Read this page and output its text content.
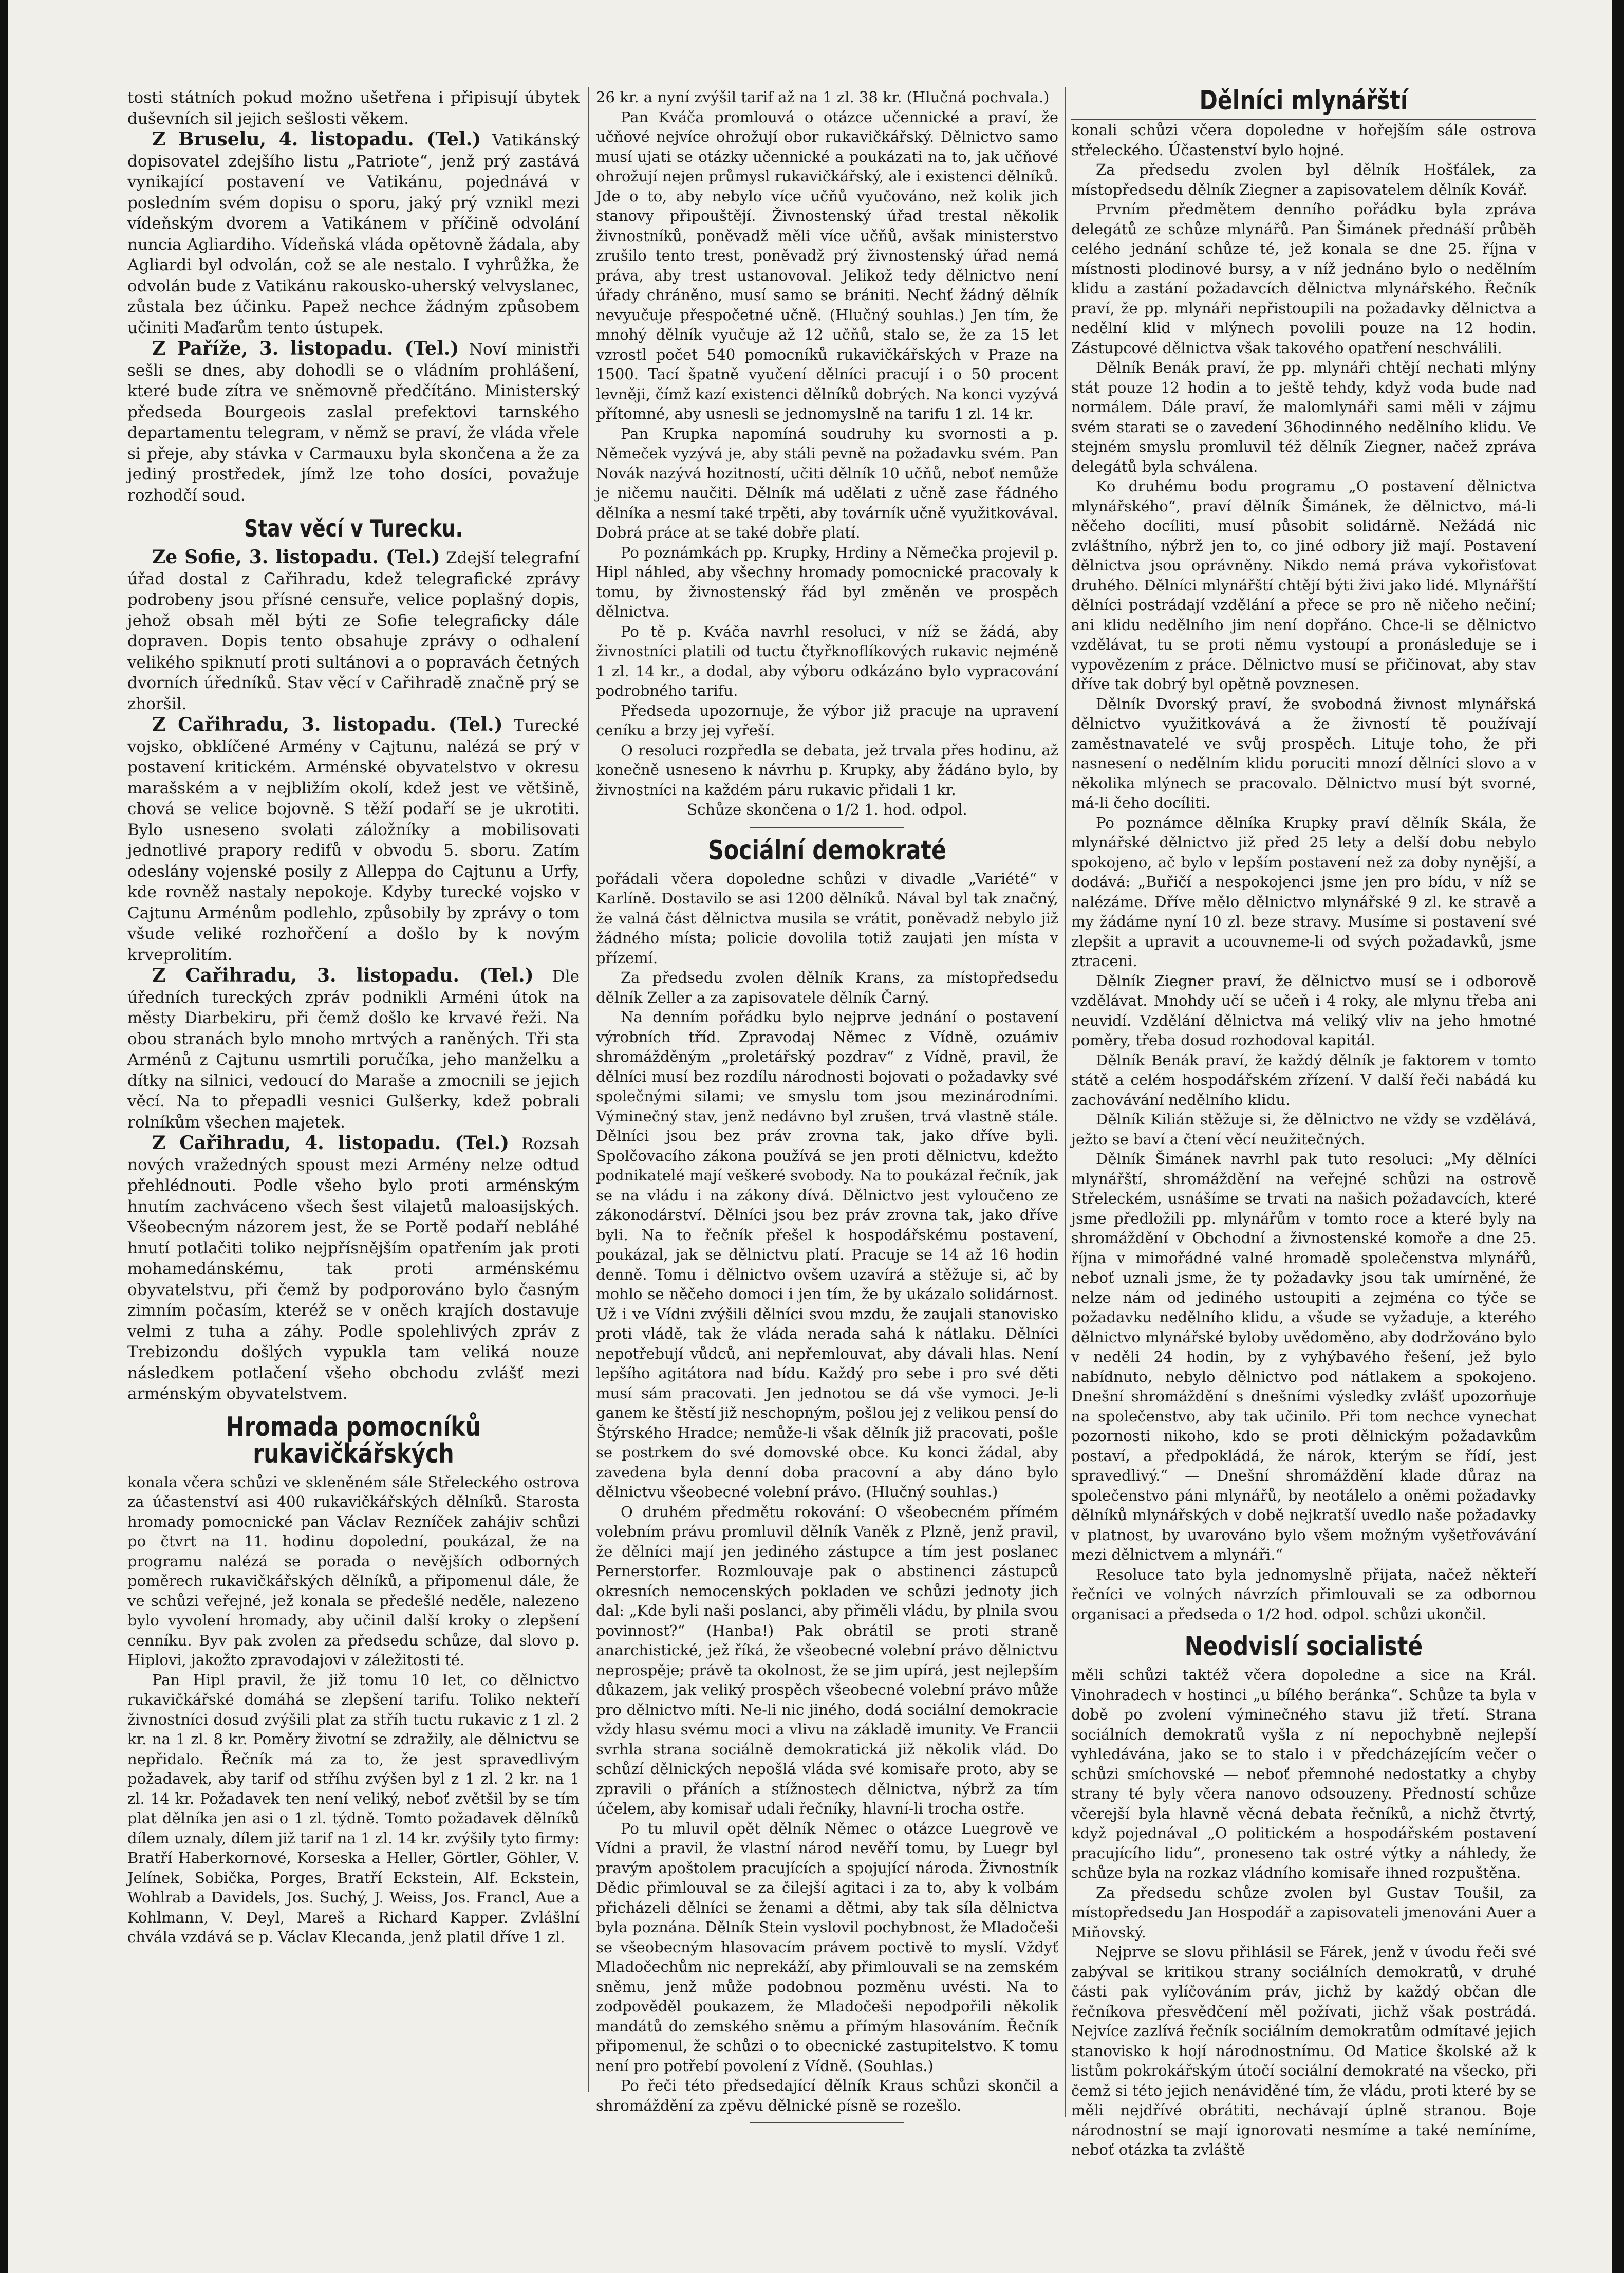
tosti státních pokud možno ušetřena i připisují úbytek duševních sil jejich sešlosti věkem.

Z Bruselu, 4. listopadu. (Tel.) Vatikánský dopisovatel zdejšího listu „Patriote“, jenž prý zastává vynikající postavení ve Vatikánu, pojednává v posledním svém dopisu o sporu, jaký prý vznikl mezi vídeňským dvorem a Vatikánem v příčině odvolání nuncia Agliardiho. Vídeňská vláda opětovně žádala, aby Agliardi byl odvolán, což se ale nestalo. I vyhrůžka, že odvolán bude z Vatikánu rakousko-uherský velvyslanec, zůstala bez účinku. Papež nechce žádným způsobem učiniti Maďarům tento ústupek.

Z Paříže, 3. listopadu. (Tel.) Noví ministři sešli se dnes, aby dohodli se o vládním prohlášení, které bude zítra ve sněmovně předčítáno. Ministerský předseda Bourgeois zaslal prefektovi tarnského departamentu telegram, v němž se praví, že vláda vřele si přeje, aby stávka v Carmauxu byla skončena a že za jediný prostředek, jímž lze toho dosíci, považuje rozhodčí soud.

Stav věcí v Turecku.

Ze Sofie, 3. listopadu. (Tel.) Zdejší telegrafní úřad dostal z Cařihradu, kdež telegrafické zprávy podrobeny jsou přísné censuře, velice poplašný dopis, jehož obsah měl býti ze Sofie telegraficky dále dopraven. Dopis tento obsahuje zprávy o odhalení velikého spiknutí proti sultánovi a o popravách četných dvorních úředníků. Stav věcí v Cařihradě značně prý se zhoršil.

Z Cařihradu, 3. listopadu. (Tel.) Turecké vojsko, obklíčené Armény v Cajtunu, nalézá se prý v postavení kritickém. Arménské obyvatelstvo v okresu marašském a v nejbližím okolí, kdež jest ve většině, chová se velice bojovně. S těží podaří se je ukrotiti. Bylo usneseno svolati záložníky a mobilisovati jednotlivé prapory redifů v obvodu 5. sboru. Zatím odeslány vojenské posily z Alleppa do Cajtunu a Urfy, kde rovněž nastaly nepokoje. Kdyby turecké vojsko v Cajtunu Arménům podlehlo, způsobily by zprávy o tom všude veliké rozhořčení a došlo by k novým krveprolitím.

Z Cařihradu, 3. listopadu. (Tel.) Dle úředních tureckých zpráv podnikli Arméni útok na městy Diarbekiru, při čemž došlo ke krvavé řeži. Na obou stranách bylo mnoho mrtvých a raněných. Tři sta Arménů z Cajtunu usmrtili poručíka, jeho manželku a dítky na silnici, vedoucí do Maraše a zmocnili se jejich věcí. Na to přepadli vesnici Gulšerky, kdež pobrali rolníkům všechen majetek.

Z Cařihradu, 4. listopadu. (Tel.) Rozsah nových vražedných spoust mezi Armény nelze odtud přehlédnouti. Podle všeho bylo proti arménským hnutím zachváceno všech šest vilajetů maloasijských. Všeobecným názorem jest, že se Portě podaří nebláhé hnutí potlačiti toliko nejpřísnějším opatřením jak proti mohamedánskému, tak proti arménskému obyvatelstvu, při čemž by podporováno bylo časným zimním počasím, kteréž se v oněch krajích dostavuje velmi z tuha a záhy. Podle spolehlivých zpráv z Trebizondu došlých vypukla tam veliká nouze následkem potlačení všeho obchodu zvlášť mezi arménským obyvatelstvem.

Hromada pomocníků rukavičkářských

konala včera schůzi ve skleněném sále Střeleckého ostrova za účastenství asi 400 rukavičkářských dělníků. Starosta hromady pomocnické pan Václav Rezníček zahájiv schůzi po čtvrt na 11. hodinu dopolední, poukázal, že na programu nalézá se porada o nevějších odborných poměrech rukavičkářských dělníků, a připomenul dále, že ve schůzi veřejné, jež konala se předešlé neděle, nalezeno bylo vyvolení hromady, aby učinil další kroky o zlepšení cenníku. Byv pak zvolen za předsedu schůze, dal slovo p. Hiplovi, jakožto zpravodajovi v záležitosti té.

Pan Hipl pravil, že již tomu 10 let, co dělnictvo rukavičkářské domáhá se zlepšení tarifu. Toliko nekteří živnostníci dosud zvýšili plat za stříh tuctu rukavic z 1 zl. 2 kr. na 1 zl. 8 kr. Poměry životní se zdražily, ale dělnictvu se nepřidalo. Řečník má za to, že jest spravedlivým požadavek, aby tarif od stříhu zvýšen byl z 1 zl. 2 kr. na 1 zl. 14 kr. Požadavek ten není veliký, neboť zvětšil by se tím plat dělníka jen asi o 1 zl. týdně. Tomto požadavek dělníků dílem uznaly, dílem již tarif na 1 zl. 14 kr. zvýšily tyto firmy: Bratří Haberkornové, Korseska a Heller, Görtler, Göhler, V. Jelínek, Sobička, Porges, Bratří Eckstein, Alf. Eckstein, Wohlrab a Davidels, Jos. Suchý, J. Weiss, Jos. Francl, Aue a Kohlmann, V. Deyl, Mareš a Richard Kapper. Zvlášlní chvála vzdává se p. Václav Klecanda, jenž platil dříve 1 zl.

26 kr. a nyní zvýšil tarif až na 1 zl. 38 kr. (Hlučná pochvala.)

Pan Kváča promlouvá o otázce učennické a praví, že učňové nejvíce ohrožují obor rukavičkářský. Dělnictvo samo musí ujati se otázky učennické a poukázati na to, jak učňové ohrožují nejen průmysl rukavičkářský, ale i existenci dělníků. Jde o to, aby nebylo více učňů vyučováno, než kolik jich stanovy připouštějí. Živnostenský úřad trestal několik živnostníků, poněvadž měli více učňů, avšak ministerstvo zrušilo tento trest, poněvadž prý živnostenský úřad nemá práva, aby trest ustanovoval. Jelikož tedy dělnictvo není úřady chráněno, musí samo se brániti. Nechť žádný dělník nevyučuje přespočetné učně. (Hlučný souhlas.) Jen tím, že mnohý dělník vyučuje až 12 učňů, stalo se, že za 15 let vzrostl počet 540 pomocníků rukavičkářských v Praze na 1500. Tací špatně vyučení dělníci pracují i o 50 procent levněji, čímž kazí existenci dělníků dobrých. Na konci vyzývá přítomné, aby usnesli se jednomyslně na tarifu 1 zl. 14 kr.

Pan Krupka napomíná soudruhy ku svornosti a p. Němeček vyzývá je, aby stáli pevně na požadavku svém. Pan Novák nazývá hozitností, učiti dělník 10 učňů, neboť nemůže je ničemu naučiti. Dělník má udělati z učně zase řádného dělníka a nesmí také trpěti, aby továrník učně využitkovával. Dobrá práce at se také dobře platí.

Po poznámkách pp. Krupky, Hrdiny a Němečka projevil p. Hipl náhled, aby všechny hromady pomocnické pracovaly k tomu, by živnostenský řád byl změněn ve prospěch dělnictva.

Po tě p. Kváča navrhl resoluci, v níž se žádá, aby živnostníci platili od tuctu čtyřknoflíkových rukavic nejméně 1 zl. 14 kr., a dodal, aby výboru odkázáno bylo vypracování podrobného tarifu.

Předseda upozornuje, že výbor již pracuje na upravení ceníku a brzy jej vyřeší.

O resoluci rozpředla se debata, jež trvala přes hodinu, až konečně usneseno k návrhu p. Krupky, aby žádáno bylo, by živnostníci na každém páru rukavic přidali 1 kr.

Schůze skončena o 1/2 1. hod. odpol.

Sociální demokraté

pořádali včera dopoledne schůzi v divadle „Variété“ v Karlíně. Dostavilo se asi 1200 dělníků. Nával byl tak značný, že valná část dělnictva musila se vrátit, poněvadž nebylo již žádného místa; policie dovolila totiž zaujati jen místa v přízemí.

Za předsedu zvolen dělník Krans, za místopředsedu dělník Zeller a za zapisovatele dělník Čarný.

Na denním pořádku bylo nejprve jednání o postavení výrobních tříd. Zpravodaj Němec z Vídně, ozuámiv shromážděným „proletářský pozdrav“ z Vídně, pravil, že dělníci musí bez rozdílu národnosti bojovati o požadavky své společnými silami; ve smyslu tom jsou mezinárodními. Výminečný stav, jenž nedávno byl zrušen, trvá vlastně stále. Dělníci jsou bez práv zrovna tak, jako dříve byli. Spolčovacího zákona používá se jen proti dělnictvu, kdežto podnikatelé mají veškeré svobody. Na to poukázal řečník, jak se na vládu i na zákony dívá. Dělnictvo jest vyloučeno ze zákonodárství. Dělníci jsou bez práv zrovna tak, jako dříve byli. Na to řečník přešel k hospodářskému postavení, poukázal, jak se dělnictvu platí. Pracuje se 14 až 16 hodin denně. Tomu i dělnictvo ovšem uzavírá a stěžuje si, ač by mohlo se něčeho domoci i jen tím, že by ukázalo solidárnost. Už i ve Vídni zvýšili dělníci svou mzdu, že zaujali stanovisko proti vládě, tak že vláda nerada sahá k nátlaku. Dělníci nepotřebují vůdců, ani nepřemlouvat, aby dávali hlas. Není lepšího agitátora nad bídu. Každý pro sebe i pro své děti musí sám pracovati. Jen jednotou se dá vše vymoci. Je-li ganem ke štěstí již neschopným, pošlou jej z velikou pensí do Štýrského Hradce; nemůže-li však dělník již pracovati, pošle se postrkem do své domovské obce. Ku konci žádal, aby zavedena byla denní doba pracovní a aby dáno bylo dělnictvu všeobecné volební právo. (Hlučný souhlas.)

O druhém předmětu rokování: O všeobecném přímém volebním právu promluvil dělník Vaněk z Plzně, jenž pravil, že dělníci mají jen jediného zástupce a tím jest poslanec Pernerstorfer. Rozmlouvaje pak o abstinenci zástupců okresních nemocenských pokladen ve schůzi jednoty jich dal: „Kde byli naši poslanci, aby přiměli vládu, by plnila svou povinnost?“ (Hanba!) Pak obrátil se proti straně anarchistické, jež říká, že všeobecné volební právo dělnictvu neprospěje; právě ta okolnost, že se jim upírá, jest nejlepším důkazem, jak veliký prospěch všeobecné volební právo může pro dělnictvo míti. Ne-li nic jiného, dodá sociální demokracie vždy hlasu svému moci a vlivu na základě imunity. Ve Francii svrhla strana sociálně demokratická již několik vlád. Do schůzí dělnických nepošlá vláda své komisaře proto, aby se zpravili o přáních a stížnostech dělnictva, nýbrž za tím účelem, aby komisař udali řečníky, hlavní-li trocha ostře.

Po tu mluvil opět dělník Němec o otázce Luegrově ve Vídni a pravil, že vlastní národ nevěří tomu, by Luegr byl pravým apoštolem pracujících a spojující národa. Živnostník Dědic přimlouval se za čilejší agitaci i za to, aby k volbám přicházeli dělníci se ženami a dětmi, aby tak síla dělnictva byla poznána. Dělník Stein vyslovil pochybnost, že Mladočeši se všeobecným hlasovacím právem poctivě to myslí. Vždyť Mladočechům nic neprekáží, aby přimlouvali se na zemském sněmu, jenž může podobnou pozměnu uvésti. Na to zodpověděl poukazem, že Mladočeši nepodpořili několik mandátů do zemského sněmu a přímým hlasováním. Řečník připomenul, že schůzi o to obecnické zastupitelstvo. K tomu není pro potřebí povolení z Vídně. (Souhlas.)

Po řeči této předsedající dělník Kraus schůzi skončil a shromáždění za zpěvu dělnické písně se rozešlo.

Dělníci mlynářští

konali schůzi včera dopoledne v hořejším sále ostrova střeleckého. Účastenství bylo hojné.

Za předsedu zvolen byl dělník Hošťálek, za místopředsedu dělník Ziegner a zapisovatelem dělník Kovář.

Prvním předmětem denního pořádku byla zpráva delegátů ze schůze mlynářů. Pan Šimánek přednáší průběh celého jednání schůze té, jež konala se dne 25. října v místnosti plodinové bursy, a v níž jednáno bylo o nedělním klidu a zastání požadavcích dělnictva mlynářského. Řečník praví, že pp. mlynáři nepřistoupili na požadavky dělnictva a nedělní klid v mlýnech povolili pouze na 12 hodin. Zástupcové dělnictva však takového opatření neschválili.

Dělník Benák praví, že pp. mlynáři chtějí nechati mlýny stát pouze 12 hodin a to ještě tehdy, když voda bude nad normálem. Dále praví, že malomlynáři sami měli v zájmu svém starati se o zavedení 36hodinného nedělního klidu. Ve stejném smyslu promluvil též dělník Ziegner, načež zpráva delegátů byla schválena.

Ko druhému bodu programu „O postavení dělnictva mlynářského“, praví dělník Šimánek, že dělnictvo, má-li něčeho docíliti, musí působit solidárně. Nežádá nic zvláštního, nýbrž jen to, co jiné odbory již mají. Postavení dělnictva jsou oprávněny. Nikdo nemá práva vykořisťovat druhého. Dělníci mlynářští chtějí býti živi jako lidé. Mlynářští dělníci postrádají vzdělání a přece se pro ně ničeho nečiní; ani klidu nedělního jim není dopřáno. Chce-li se dělnictvo vzdělávat, tu se proti němu vystoupí a pronásleduje se i vypovězením z práce. Dělnictvo musí se přičinovat, aby stav dříve tak dobrý byl opětně povznesen.

Dělník Dvorský praví, že svobodná živnost mlynářská dělnictvo využitkovává a že živností tě používají zaměstnavatelé ve svůj prospěch. Lituje toho, že při nasnesení o nedělním klidu poruciti mnozí dělníci slovo a v několika mlýnech se pracovalo. Dělnictvo musí být svorné, má-li čeho docíliti.

Po poznámce dělníka Krupky praví dělník Skála, že mlynářské dělnictvo již před 25 lety a delší dobu nebylo spokojeno, ač bylo v lepším postavení než za doby nynější, a dodává: „Buřičí a nespokojenci jsme jen pro bídu, v níž se nalézáme. Dříve mělo dělnictvo mlynářské 9 zl. ke stravě a my žádáme nyní 10 zl. beze stravy. Musíme si postavení své zlepšit a upravit a ucouvneme-li od svých požadavků, jsme ztraceni.

Dělník Ziegner praví, že dělnictvo musí se i odborově vzdělávat. Mnohdy učí se učeň i 4 roky, ale mlynu třeba ani neuvidí. Vzdělání dělnictva má veliký vliv na jeho hmotné poměry, třeba dosud rozhodoval kapitál.

Dělník Benák praví, že každý dělník je faktorem v tomto státě a celém hospodářském zřízení. V další řeči nabádá ku zachovávání nedělního klidu.

Dělník Kilián stěžuje si, že dělnictvo ne vždy se vzdělává, ježto se baví a čtení věcí neužitečných.

Dělník Šimánek navrhl pak tuto resoluci: „My dělníci mlynářští, shromáždění na veřejné schůzi na ostrově Střeleckém, usnášíme se trvati na našich požadavcích, které jsme předložili pp. mlynářům v tomto roce a které byly na shromáždění v Obchodní a živnostenské komoře a dne 25. října v mimořádné valné hromadě společenstva mlynářů, neboť uznali jsme, že ty požadavky jsou tak umírněné, že nelze nám od jediného ustoupiti a zejména co týče se požadavku nedělního klidu, a všude se vyžaduje, a kterého dělnictvo mlynářské byloby uvědoměno, aby dodržováno bylo v neděli 24 hodin, by z vyhýbavého řešení, jež bylo nabídnuto, nebylo dělnictvo pod nátlakem a spokojeno. Dnešní shromáždění s dnešními výsledky zvlášť upozorňuje na společenstvo, aby tak učinilo. Při tom nechce vynechat pozornosti nikoho, kdo se proti dělnickým požadavkům postaví, a předpokládá, že nárok, kterým se řídí, jest spravedlivý.“ — Dnešní shromáždění klade důraz na společenstvo páni mlynářů, by neotálelo a oněmi požadavky dělníků mlynářských v době nejkratší uvedlo naše požadavky v platnost, by uvarováno bylo všem možným vyšetřovávání mezi dělnictvem a mlynáři.“

Resoluce tato byla jednomyslně přijata, načež někteří řečníci ve volných návrzích přimlouvali se za odbornou organisaci a předseda o 1/2 hod. odpol. schůzi ukončil.

Neodvislí socialisté

měli schůzi taktéž včera dopoledne a sice na Král. Vinohradech v hostinci „u bílého beránka“. Schůze ta byla v době po zvolení výminečného stavu již třetí. Strana sociálních demokratů vyšla z ní nepochybně nejlepší vyhledávána, jako se to stalo i v předcházejícím večer o schůzi smíchovské — neboť přemnohé nedostatky a chyby strany té byly včera nanovo odsouzeny. Předností schůze včerejší byla hlavně věcná debata řečníků, a nichž čtvrtý, když pojednával „O politickém a hospodářském postavení pracujícího lidu“, proneseno tak ostré výtky a náhledy, že schůze byla na rozkaz vládního komisaře ihned rozpuštěna.

Za předsedu schůze zvolen byl Gustav Toušil, za místopředsedu Jan Hospodář a zapisovateli jmenováni Auer a Miňovský.

Nejprve se slovu přihlásil se Fárek, jenž v úvodu řeči své zabýval se kritikou strany sociálních demokratů, v druhé části pak vylíčováním práv, jichž by každý občan dle řečníkova přesvědčení měl požívati, jichž však postrádá. Nejvíce zazlívá řečník sociálním demokratům odmítavé jejich stanovisko k hojí národnostnímu. Od Matice školské až k listům pokrokářským útočí sociální demokraté na všecko, při čemž si této jejich nenáviděné tím, že vládu, proti které by se měli nejdřívé obrátiti, nechávají úplně stranou. Boje národnostní se mají ignorovati nesmíme a také nemíníme, neboť otázka ta zvláště
